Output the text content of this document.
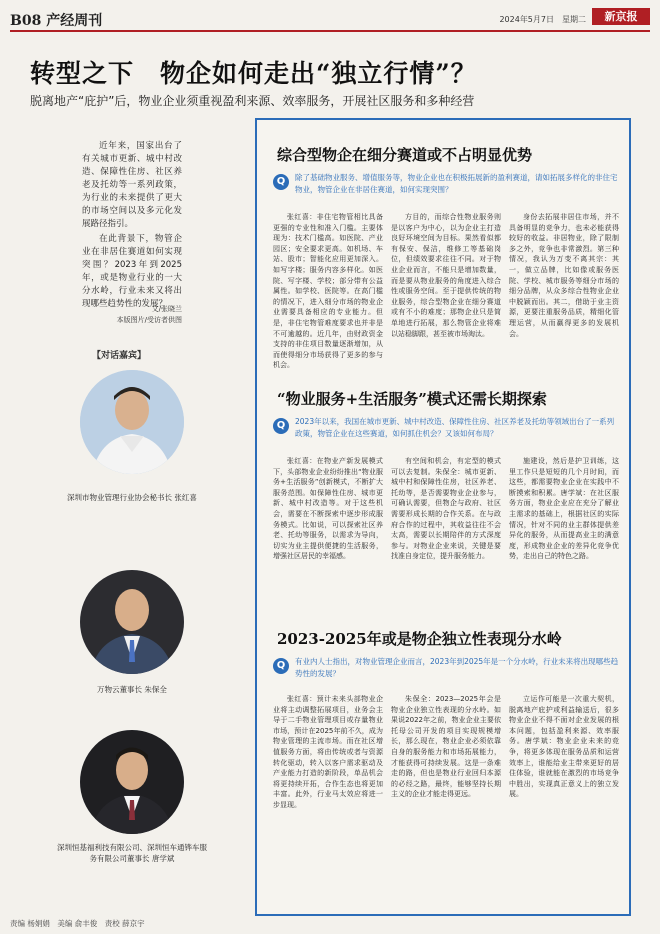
B08 产经周刊	2024年5月7日　星期二	新京报
转型之下　物企如何走出“独立行情”？
脱离地产“庇护”后，物业企业须重视盈利来源、效率服务，开展社区服务和多种经营

近年来，国家出台了有关城市更新、城中村改造、保障性住房、社区养老及托幼等一系列政策，为行业的未来提供了更大的市场空间以及多元化发展路径指引。

在此背景下，物管企业在非居住赛道如何实现突围？2023年到2025年，或是物业行业的一大分水岭，行业未来又将出现哪些趋势性的发展？

文/张晓兰
本版图片/受访者供图
【对话嘉宾】
深圳市物业管理行业协会秘书长 张红喜
万物云董事长 朱保全
深圳恒基福利技有限公司、深圳恒车通铧车服务有限公司董事长 唐学斌
综合型物企在细分赛道或不占明显优势
Q	除了基础物业服务、增值服务等，物业企业也在积极拓展新的盈利赛道，请如拓展多样化的非住宅物业，物管企业在非居住赛道，如何实现突围？

张红喜：非住宅物管相比具备更强的专业性和准入门槛。主要体现为：技术门槛高。如医院、产业园区；安全要求更高。如机场、车站、股市；智能化应用更加深入。如写字楼；服务内容多样化。如医院、写字楼、学校；部分带有公益属性。如学校、医院等。在高门槛的情况下，进入细分市场的物业企业需要具备相应的专业能力。但是，非住宅物管难度要求也并非是不可逾越的。近几年，由财政资金支持的非住项目数量逐渐增加，从而使得细分市场获得了更多的参与机会。

方目的，而综合性物业服务则是以客户为中心，以为企业主打造良好环境空间为目标。果然看似都有保安、保洁，维修工等基础岗位，但绩效要求往往不同。对于物业企业而言，不能只是增加数量，而是要从物业服务的角度进入综合性或服务空间。至于提供传统的物业服务，综合型物企业在细分赛道或有不小的难度；那物企业只是简单地进行拓展，那么物管企业将难以站稳脚跟，甚至被市场淘汰。

身份去拓展非居住市场，并不具备明显的竞争力，也未必能获得较好的收益。非居物业，除了限制多之外，竞争也非常激烈。第三种情况，我认为万变不离其宗：其一，做立品牌，比如像或服务医院、学校、城市服务等细分市场的细分品牌，从众多综合性物业企业中脱颖而出。其二，借助于业主资源，更要注重服务品质，精细化管理运营，从而赢得更多的发展机会。

“物业服务+生活服务”模式还需长期探索
Q	2023年以来，我国在城市更新、城中村改造、保障性住房、社区养老及托幼等领域出台了一系列政策，物管企业在这些赛道，如何抓住机会？又该如何布局？

张红喜：在物业产新发展模式下，头部物业企业纷纷推出“物业服务+生活服务”创新模式，不断扩大服务范围。如保障性住房、城市更新、城中村改造等。对于这些机会，需要在不断探索中逐步形成服务模式。比如说，可以探索社区养老、托幼等服务，以需求为导向，切实为业主提供便捷的生活服务，增强社区居民的幸福感。

有空间和机会，有定型的模式可以去复制。朱保全：城市更新、城中村和保障性住房，社区养老、托幼等，是否需要物业企业参与，可确认需要，但物企与政府、社区需要形成长期的合作关系。在与政府合作的过程中，其收益往往不会太高，需要以长期陪伴的方式深度参与。对物业企业来说，关键是要找准自身定位，提升服务能力。

施建设，然后是护卫训练，这里工作只是短短的几个月时间，而这些，都需要物业企业在实践中不断摸索和积累。唐学斌：在社区服务方面，物业企业应在充分了解业主需求的基础上，根据社区的实际情况，针对不同的业主群体提供差异化的服务，从而提高业主的满意度，形成物业企业的差异化竞争优势，走出自己的特色之路。

2023-2025年或是物企独立性表现分水岭
Q	有业内人士指出，对物业管理企业而言，2023年到2025年是一个分水岭，行业未来将出现哪些趋势性的发展？

张红喜：预计未来头部物业企业将主动调整拓展项目，业务会主导于二手物业管理项目或存量物业市场，预计在2025年前不久，成为物业管理的主流市场。而在社区增值服务方面，将由传统或者与资源转化驱动，转入以客户需求驱动及产业能力打造的新阶段，单品机会将更持续开拓，合作生态也将更加丰富。此外，行业马太效应将进一步显现。

朱保全：2023—2025年会是物业企业独立性表现的分水岭。如果说2022年之前，物业企业主要依托母公司开发的项目实现规模增长，那么现在，物业企业必须依靠自身的服务能力和市场拓展能力，才能获得可持续发展。这是一条难走的路，但也是物业行业回归本源的必经之路，最终，能够坚持长期主义的企业才能走得更远。

立运作可能是一次重大契机，脱离地产庇护或利益输送后，很多物业企业不得不面对企业发展的根本问题，包括盈利来源、效率服务。唐学斌：物业企业未来的竞争，将更多体现在服务品质和运营效率上，谁能给业主带来更好的居住体验，谁就能在激烈的市场竞争中胜出，实现真正意义上的独立发展。

责编 杨娟娟　美编 俞丰俊　责校 薛京宇
